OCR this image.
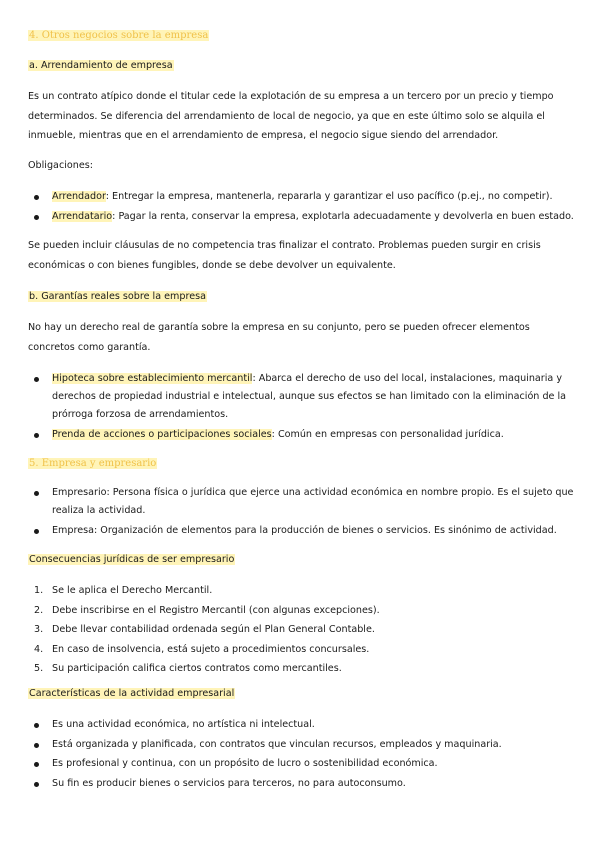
4. Otros negocios sobre la empresa
a. Arrendamiento de empresa

Es un contrato atípico donde el titular cede la explotación de su empresa a un tercero por un precio y tiempo determinados. Se diferencia del arrendamiento de local de negocio, ya que en este último solo se alquila el inmueble, mientras que en el arrendamiento de empresa, el negocio sigue siendo del arrendador.

Obligaciones:
Arrendador: Entregar la empresa, mantenerla, repararla y garantizar el uso pacífico (p.ej., no competir).
Arrendatario: Pagar la renta, conservar la empresa, explotarla adecuadamente y devolverla en buen estado.

Se pueden incluir cláusulas de no competencia tras finalizar el contrato. Problemas pueden surgir en crisis económicas o con bienes fungibles, donde se debe devolver un equivalente.

b. Garantías reales sobre la empresa

No hay un derecho real de garantía sobre la empresa en su conjunto, pero se pueden ofrecer elementos concretos como garantía.

Hipoteca sobre establecimiento mercantil: Abarca el derecho de uso del local, instalaciones, maquinaria y derechos de propiedad industrial e intelectual, aunque sus efectos se han limitado con la eliminación de la prórroga forzosa de arrendamientos.
Prenda de acciones o participaciones sociales: Común en empresas con personalidad jurídica.
5. Empresa y empresario
Empresario: Persona física o jurídica que ejerce una actividad económica en nombre propio. Es el sujeto que realiza la actividad.
Empresa: Organización de elementos para la producción de bienes o servicios. Es sinónimo de actividad.
Consecuencias jurídicas de ser empresario
1. Se le aplica el Derecho Mercantil.
2. Debe inscribirse en el Registro Mercantil (con algunas excepciones).
3. Debe llevar contabilidad ordenada según el Plan General Contable.
4. En caso de insolvencia, está sujeto a procedimientos concursales.
5. Su participación califica ciertos contratos como mercantiles.
Características de la actividad empresarial
Es una actividad económica, no artística ni intelectual.
Está organizada y planificada, con contratos que vinculan recursos, empleados y maquinaria.
Es profesional y continua, con un propósito de lucro o sostenibilidad económica.
Su fin es producir bienes o servicios para terceros, no para autoconsumo.
